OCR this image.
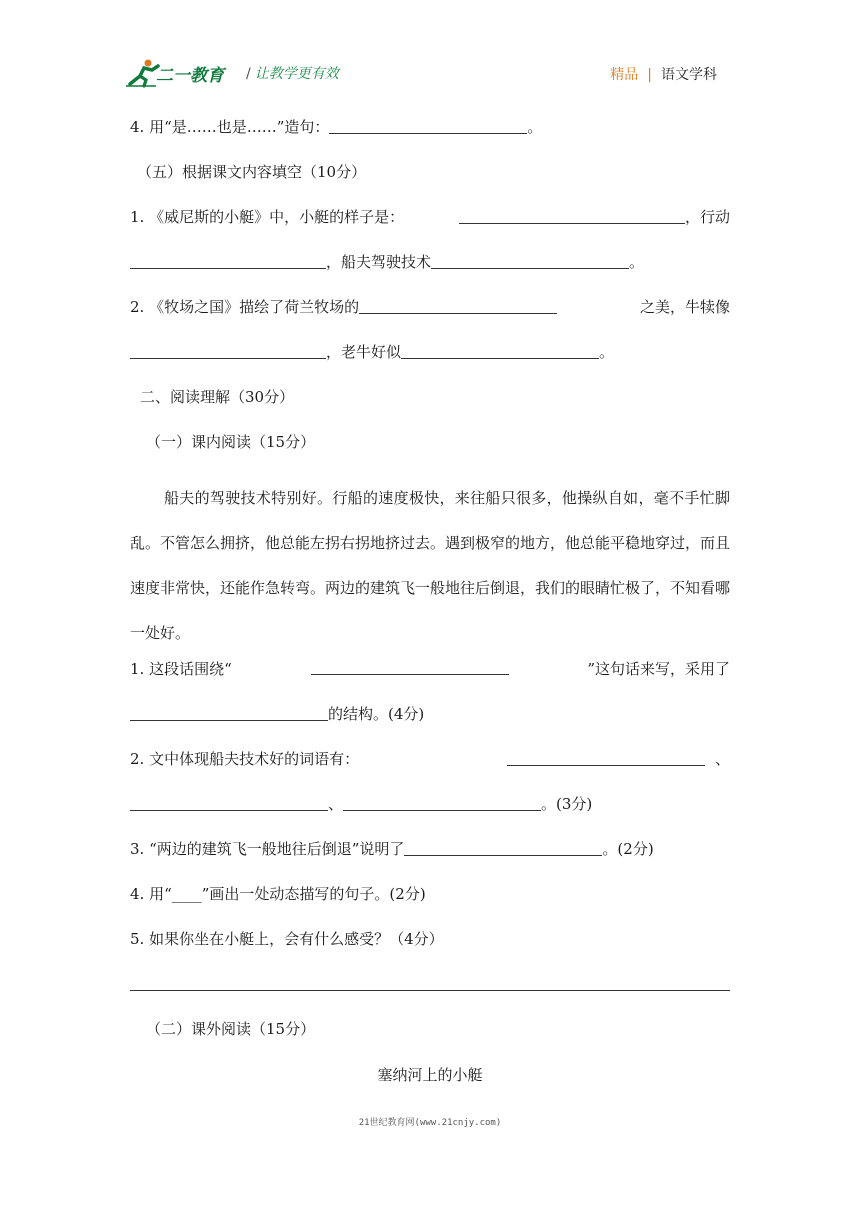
二一教育 / 让教学更有效	精品 | 语文学科
4. 用“是……也是……”造句：	。
（五）根据课文内容填空（10分）
1. 《威尼斯的小艇》中，小艇的样子是：	，行动
，船夫驾驶技术	。
2. 《牧场之国》描绘了荷兰牧场的	之美，牛犊像
，老牛好似	。
二、阅读理解（30分）
（一）课内阅读（15分）
船夫的驾驶技术特别好。行船的速度极快，来往船只很多，他操纵自如，毫不手忙脚乱。不管怎么拥挤，他总能左拐右拐地挤过去。遇到极窄的地方，他总能平稳地穿过，而且速度非常快，还能作急转弯。两边的建筑飞一般地往后倒退，我们的眼睛忙极了，不知看哪一处好。
1. 这段话围绕“	”这句话来写，采用了
的结构。(4分)
2. 文中体现船夫技术好的词语有：	、
、	。(3分)
3. “两边的建筑飞一般地往后倒退”说明了	。(2分)
4. 用“____”画出一处动态描写的句子。(2分)
5. 如果你坐在小艇上，会有什么感受？（4分）
（二）课外阅读（15分）
塞纳河上的小艇
21世纪教育网(www.21cnjy.com)
